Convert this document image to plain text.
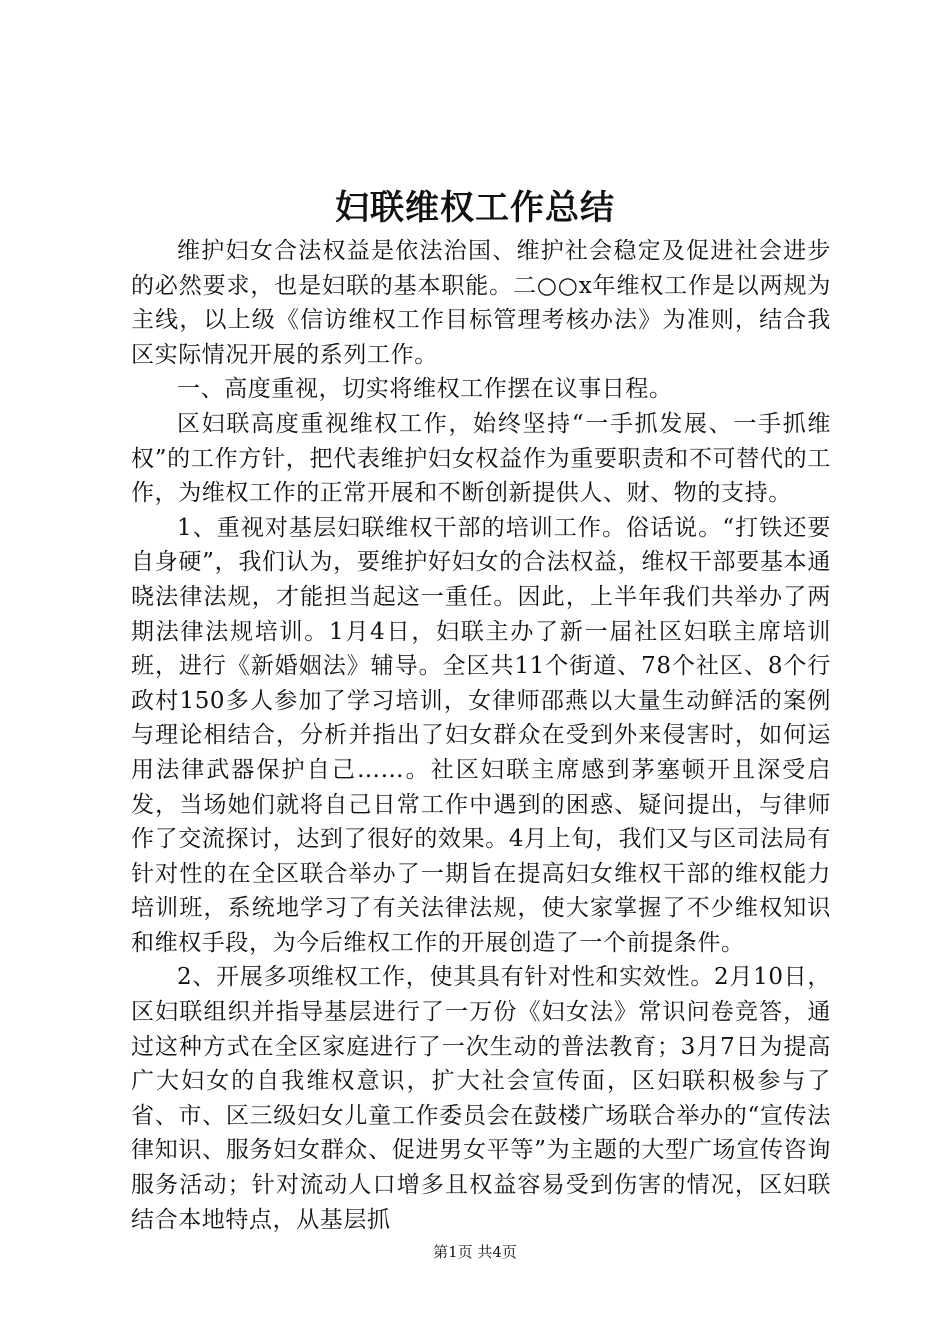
妇联维权工作总结

维护妇女合法权益是依法治国、维护社会稳定及促进社会进步的必然要求，也是妇联的基本职能。二○○x年维权工作是以两规为主线，以上级《信访维权工作目标管理考核办法》为准则，结合我区实际情况开展的系列工作。

一、高度重视，切实将维权工作摆在议事日程。

区妇联高度重视维权工作，始终坚持“一手抓发展、一手抓维权”的工作方针，把代表维护妇女权益作为重要职责和不可替代的工作，为维权工作的正常开展和不断创新提供人、财、物的支持。

1、重视对基层妇联维权干部的培训工作。俗话说。“打铁还要自身硬”，我们认为，要维护好妇女的合法权益，维权干部要基本通晓法律法规，才能担当起这一重任。因此，上半年我们共举办了两期法律法规培训。1月4日，妇联主办了新一届社区妇联主席培训班，进行《新婚姻法》辅导。全区共11个街道、78个社区、8个行政村150多人参加了学习培训，女律师邵燕以大量生动鲜活的案例与理论相结合，分析并指出了妇女群众在受到外来侵害时，如何运用法律武器保护自己……。社区妇联主席感到茅塞顿开且深受启发，当场她们就将自己日常工作中遇到的困惑、疑问提出，与律师作了交流探讨，达到了很好的效果。4月上旬，我们又与区司法局有针对性的在全区联合举办了一期旨在提高妇女维权干部的维权能力培训班，系统地学习了有关法律法规，使大家掌握了不少维权知识和维权手段，为今后维权工作的开展创造了一个前提条件。

2、开展多项维权工作，使其具有针对性和实效性。2月10日，区妇联组织并指导基层进行了一万份《妇女法》常识问卷竞答，通过这种方式在全区家庭进行了一次生动的普法教育；3月7日为提高广大妇女的自我维权意识，扩大社会宣传面，区妇联积极参与了省、市、区三级妇女儿童工作委员会在鼓楼广场联合举办的“宣传法律知识、服务妇女群众、促进男女平等”为主题的大型广场宣传咨询服务活动；针对流动人口增多且权益容易受到伤害的情况，区妇联结合本地特点，从基层抓

第1页 共4页
